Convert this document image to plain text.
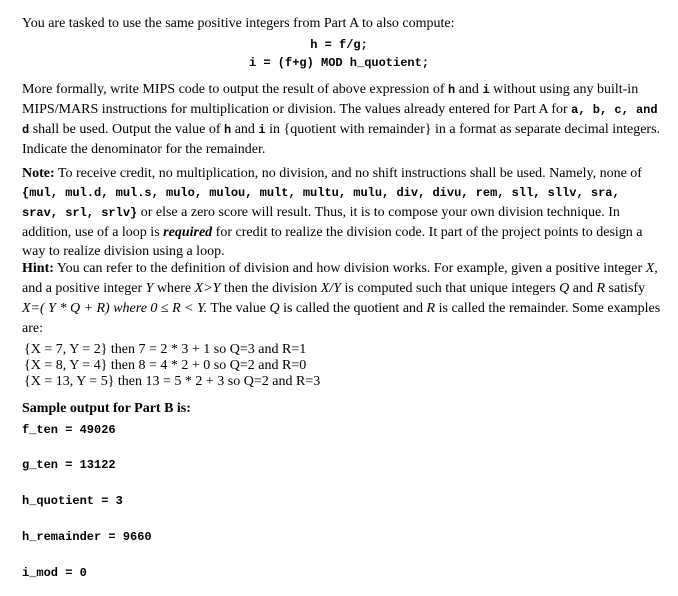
You are tasked to use the same positive integers from Part A to also compute:

h = f/g;
i = (f+g) MOD h_quotient;

More formally, write MIPS code to output the result of above expression of h and i without using any built-in MIPS/MARS instructions for multiplication or division. The values already entered for Part A for a, b, c, and d shall be used. Output the value of h and i in {quotient with remainder} in a format as separate decimal integers. Indicate the denominator for the remainder.

Note: To receive credit, no multiplication, no division, and no shift instructions shall be used. Namely, none of {mul, mul.d, mul.s, mulo, mulou, mult, multu, mulu, div, divu, rem, sll, sllv, sra, srav, srl, srlv} or else a zero score will result. Thus, it is to compose your own division technique. In addition, use of a loop is required for credit to realize the division code. It part of the project points to design a way to realize division using a loop.

Hint: You can refer to the definition of division and how division works. For example, given a positive integer X, and a positive integer Y where X>Y then the division X/Y is computed such that unique integers Q and R satisfy X=( Y * Q + R) where 0 ≤ R < Y. The value Q is called the quotient and R is called the remainder. Some examples are:

{X = 7, Y = 2} then 7 = 2 * 3 + 1 so Q=3 and R=1
{X = 8, Y = 4} then 8 = 4 * 2 + 0 so Q=2 and R=0
{X = 13, Y = 5} then 13 = 5 * 2 + 3 so Q=2 and R=3
Sample output for Part B is:
f_ten = 49026
g_ten = 13122
h_quotient = 3
h_remainder = 9660
i_mod = 0
